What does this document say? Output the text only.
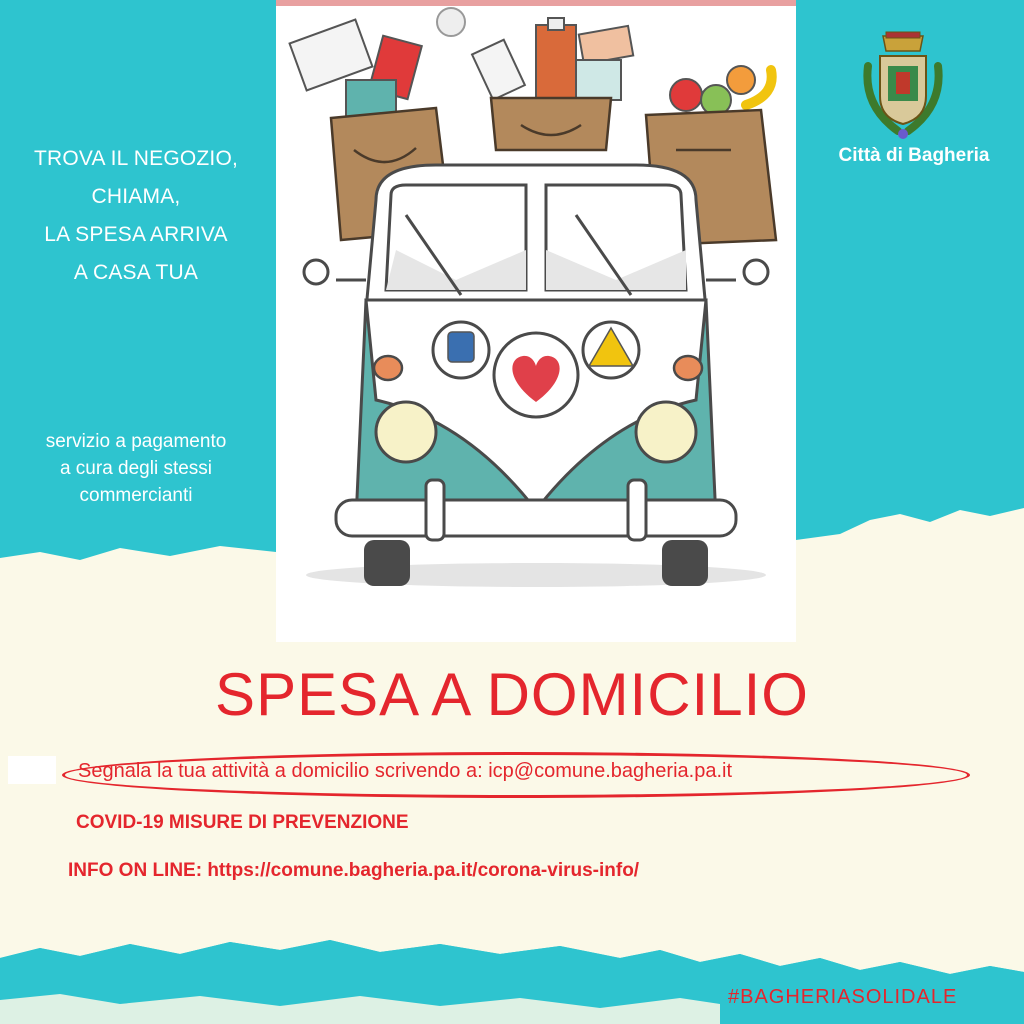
TROVA IL NEGOZIO,
CHIAMA,
LA SPESA ARRIVA
A CASA TUA
servizio a pagamento
a cura degli stessi
commercianti
Città di Bagheria
SPESA A DOMICILIO
Segnala la tua attività a domicilio scrivendo a: icp@comune.bagheria.pa.it
COVID-19 MISURE DI PREVENZIONE
INFO ON LINE: https://comune.bagheria.pa.it/corona-virus-info/
#BAGHERIASOLIDALE
